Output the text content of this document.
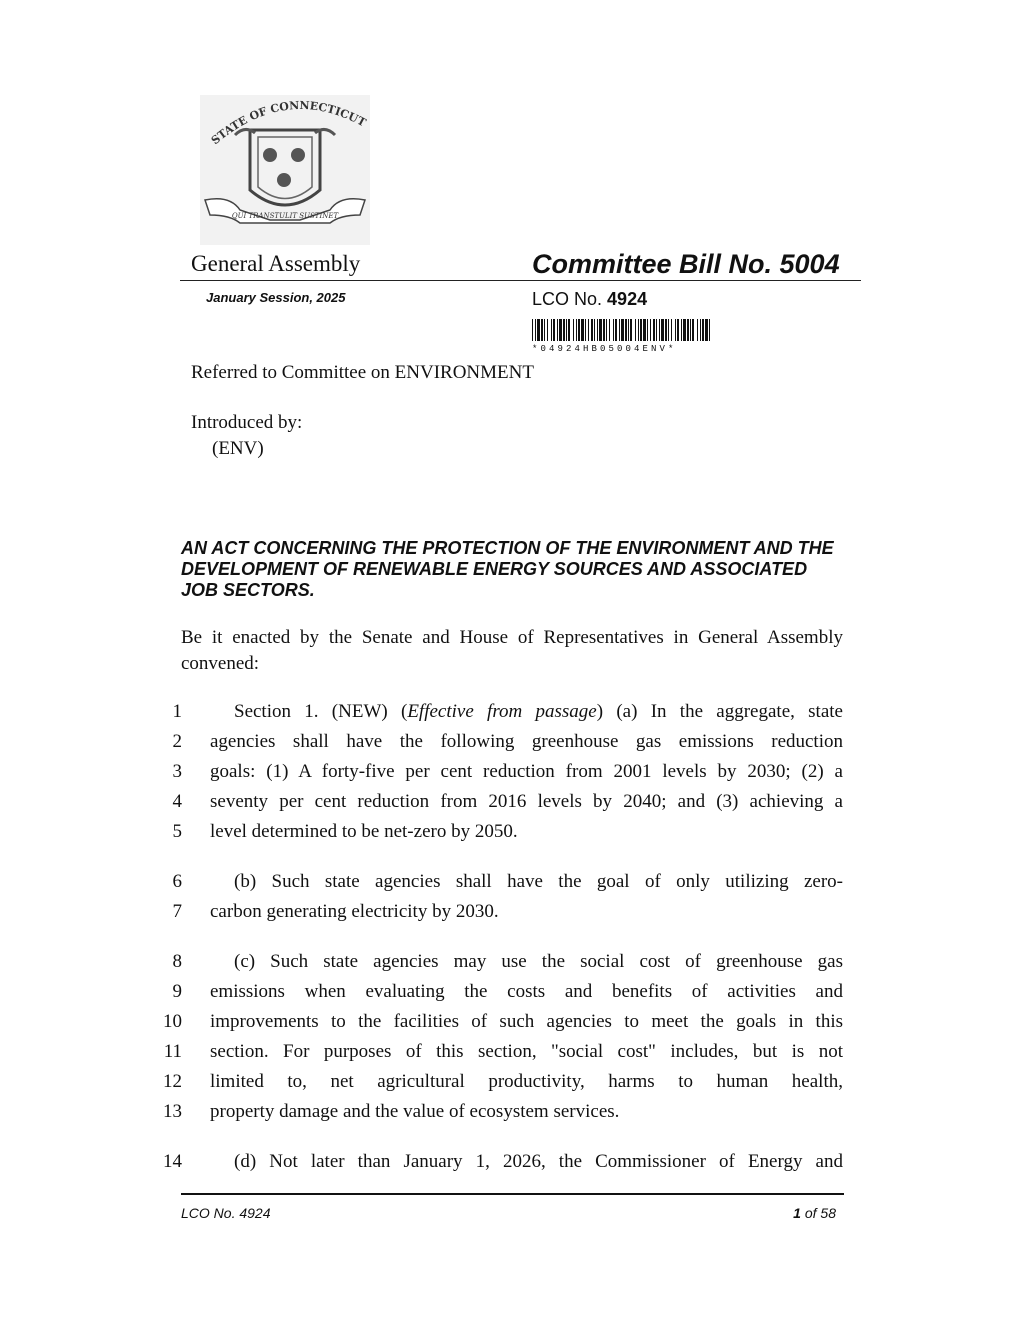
STATE OF CONNECTICUT
QUI TRANSTULIT SUSTINET
General Assembly	Committee Bill No. 5004
January Session, 2025	LCO No. 4924
*04924HB05004ENV*
Referred to Committee on ENVIRONMENT
Introduced by:
(ENV)
AN ACT CONCERNING THE PROTECTION OF THE ENVIRONMENT AND THE DEVELOPMENT OF RENEWABLE ENERGY SOURCES AND ASSOCIATED JOB SECTORS.
Be it enacted by the Senate and House of Representatives in General Assembly convened:
1	Section 1. (NEW) (Effective from passage) (a) In the aggregate, state
2 agencies shall have the following greenhouse gas emissions reduction
3 goals: (1) A forty-five per cent reduction from 2001 levels by 2030; (2) a
4 seventy per cent reduction from 2016 levels by 2040; and (3) achieving a
5 level determined to be net-zero by 2050.
6	(b) Such state agencies shall have the goal of only utilizing zero-
7 carbon generating electricity by 2030.
8	(c) Such state agencies may use the social cost of greenhouse gas
9 emissions when evaluating the costs and benefits of activities and
10 improvements to the facilities of such agencies to meet the goals in this
11 section. For purposes of this section, "social cost" includes, but is not
12 limited to, net agricultural productivity, harms to human health,
13 property damage and the value of ecosystem services.
14	(d) Not later than January 1, 2026, the Commissioner of Energy and
LCO No. 4924	1 of 58
